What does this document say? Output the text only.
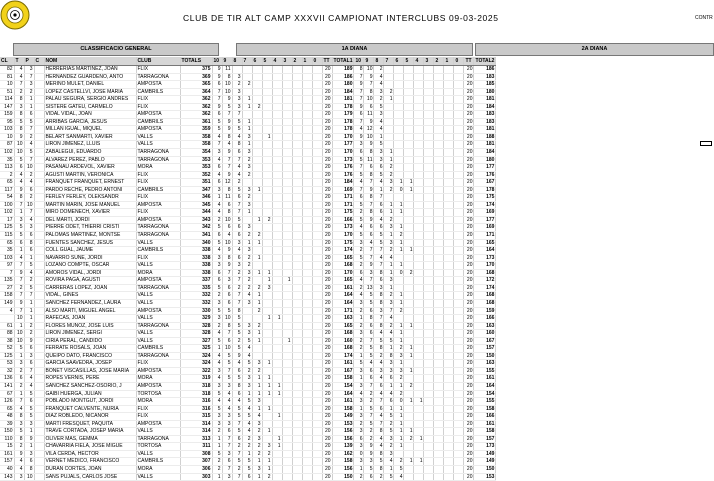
CLUB DE TIR ALT CAMP XXXVII CAMPIONAT INTERCLUBS 09-03-2025	CONTR
CLASSIFICACIO GENERAL	1A DIANA	2A DIANA
CL	T	P	C	NOM	CLUB	TOTALS	10	9	8	7	6	5	4	3	2	1	0	TT	TOTAL1	10	9	8	7	6	5	4	3	2	1	0	TT	TOTAL2
82	4	3		HERRERIAS MARTINEZ, JOAN	FLIX	375	9	11										20	189	8	10	2									20	186
81	4	7		HERNANDEZ GUARDEÑO, ANTO	TARRAGONA	369	9	8	3									20	186	7	9	4									20	183
10	7	3		MERINO MULET, DANIEL	AMPOSTA	365	6	10	2	2								20	180	9	7	4									20	185
51	2	2		LOPEZ CASTELLVI, JOSE MARIA	CAMBRILS	364	7	10	3									20	184	7	8	3	2								20	180
114	8	1		PALAU SEGURA, SERGIO ANDRES	FLIX	362	7	9	3	1								20	181	7	10	2	1								20	181
147	3	1		SISTERE GATEU, CARMELO	FLIX	362	9	5	3	1	2							20	178	9	6	5									20	184
159	8	6		VIDAL VIDAL, JOAN	AMPOSTA	362	6	7	7									20	179	6	11	3									20	183
95	5	5		ARRIBAS GARCIA, JESUS	CAMBRILS	361	5	9	5	1								20	178	7	9	4									20	183
103	8	7		MILLAN IGUAL, MIQUEL	AMPOSTA	359	5	9	5	1								20	178	4	12	4									20	181
10	9	2		BELART SANMARTI, XAVIER	VALLS	358	4	8	4	3		1						20	170	9	10	1									20	188
87	10	4		LIRON JIMENEZ, LLUIS	VALLS	358	7	4	8	1								20	177	3	9	5									20	181
102	10	5		ZABALEGUI, EDUARDO	TARRAGONA	354	3	9	6	3								20	170	6	8	3	1								20	184
35	5	7		ALVAREZ PEREZ, PABLO	TARRAGONA	353	4	7	7	2								20	173	5	11	3	1								20	180
113	6	10		PASANAU ARDEVOL, XAVIER	MORA	353	6	7	4	3								20	176	7	6	6	2								20	177
2	4	2		AGUSTI MARTIN, VERONICA	FLIX	352	4	9	4	2								20	176	5	8	5	2								20	176
65	4	4		FRANQUET FRANQUET, ERNEST	FLIX	351	6	12	2									20	184	4	7	4	3	1	1						20	167
117	9	6		PARDO RECHE, PEDRO ANTONI	CAMBRILS	347	3	8	5	3	1							20	169	7	9	1	2	0	1						20	178
54	8	2		FERLEY FERLEY, OLEKSANDR	FLIX	346	1	11	6	2								20	171	6	8	7									20	175
100	7	10		MARTIN MARIN, JOSE MANUEL	AMPOSTA	345	4	6	7	3								20	171	5	7	6	1	1							20	174
102	1	7		MIRO DOMENECH, XAVIER	FLIX	344	4	8	7	1								20	175	2	8	6	1	1							20	169
17	3	4		DEL MARTI, JORDI	AMPOSTA	343	2	10	5		1	2						20	166	5	9	4	2								20	177
125	5	3		PIERRE ODET, THIERRI CRISTI	TARRAGONA	342	5	6	6	3								20	173	4	6	6	3	1							20	169
115	5	6		PALOMAS MARTINEZ, MONTSE	TARRAGONA	341	6	4	6	2	2							20	170	5	6	5	1	2							20	171
65	6	8		FUENTES SANCHEZ, JESUS	VALLS	340	5	10	3	1	1							20	175	3	4	5	3	1							20	165
35	1	6		COLL GUAL, JAUME	CAMBRILS	338	4	9	4	3								20	174	2	7	7	2	1	1						20	164
103	4	1		NAVARRO SUÑE, JORDI	FLIX	338	3	8	6	2	1							20	165	5	7	4	4								20	173
97	7	5		LOZANO COMPTE, OSCAR	VALLS	338	3	9	3	2								20	168	2	9	7	1	1							20	170
7	9	4		AMOROS VIDAL, JORDI	MORA	338	6	7	2	3	1	1						20	170	6	3	8	1	0	2						20	168
135	7	2		ROVIRA PAGA, AGUSTI	AMPOSTA	337	6	3	7	2		1		1				20	165	4	7	6	3								20	172
27	2	5		CARRERAS LOPEZ, JOAN	TARRAGONA	335	5	6	2	2	2	3						20	161	2	13	3	1								20	174
158	7	7		VIDAL, GINÉS	VALLS	332	2	6	7	4	1							20	164	4	5	8	2	1							20	168
149	9	1		SANCHEZ FERNANDEZ, LAURA	VALLS	332	3	6	7	3	1							20	164	3	5	8	3	1							20	168
4	7	1		ALSO MARTI, MIGUEL ANGEL	AMPOSTA	330	5	5	8		2							20	171	2	6	3	7	2							20	159
	10	1		RAFECAS, JOAN	VALLS	329	3	10	5			1	1					20	163	1	8	7	4								20	166
61	1	2		FLORES MUÑOZ, JOSE LUIS	TARRAGONA	328	2	8	5	3	2							20	165	2	6	8	2	1	1						20	163
88	10	2		LIRON JIMENEZ, SERGI	VALLS	328	4	7	5	3	1							20	168	3	6	4	4	1							20	160
38	10	9		CIRIA PERAL, CANDIDO	VALLS	327	5	6	2	5	1			1				20	160	2	7	5	5	1							20	167
52	5	6		FERRATE ROSALS, JOAN	CAMBRILS	325	1	10	5	4								20	168	2	5	8	1	2	1						20	157
125	1	3		QUEIPO DATO, FRANCISCO	TARRAGONA	324	4	5	9	4								20	174	1	5	2	8	3	1						20	150
53	3	6		GARCIA SAAVEDRA, JOSEP	FLIX	324	4	5	4	5	3	1						20	161	5	4	4	3	1							20	163
32	2	7		BONET VISCASILLAS, JOSE MARIA	AMPOSTA	322	3	7	6	2	2							20	167	3	6	3	3	3	1						20	155
136	6	4		ROPES VERNIS, PERE	MORA	319	4	5	5	3	1	1						20	158	1	6	4	6	2							20	161
141	2	4		SANCHEZ SANCHEZ-OSORIO, J	AMPOSTA	318	3	3	8	3	1	1	1					20	154	3	7	6	1	1	2						20	164
67	1	5		GAIBI HUERGA, JULIAN	TORTOSA	318	5	4	6	1	1	1	1					20	164	4	2	4	4	2							20	154
126	7	6		POBLADO MONTGUT, JORDI	MORA	316	4	4	4	5	3							20	161	3	2	7	6	0	1	1					20	155
65	4	5		FRANQUET CALVENTE, NURIA	FLIX	316	5	4	5	4	1	1						20	158	1	5	6	1	1							20	158
48	8	5		DIAZ ROBLEDO, NICANOR	FLIX	315	3	3	5	5	4		1					20	149	3	7	4	5	1							20	166
39	3	3		MARTI FRESQUET, PAQUITA	AMPOSTA	314	3	3	7	4	3							20	153	2	5	7	2	1							20	161
150	5	1		TRAVE CORTADA, JOSEP MARIA	VALLS	314	2	6	5	4	2	1						20	156	3	2	8	5	1	1						20	158
110	8	9		OLIVER MAS, GEMMA	TARRAGONA	313	1	7	6	2	3		1					20	156	6	2	4	3	1	2	1					20	157
15	2	1		CHAVARRIA FIELA, JOSE MIGUE	TORTOSA	311	1	7	2	2	2	3	1					20	139	3	9	4	2	1							20	173
161	9	3		VILA CERDA, HECTOR	VALLS	308	5	3	7	1	2	2						20	162	0	9	8	3								20	149
157	4	6		VERNET MEDICO, FRANCISCO	CAMBRILS	307	2	6	5	5	1	1						20	158	3	3	5	4	2	1	1					20	149
40	4	8		DURAN CORTES, JOAN	MORA	306	2	7	2	5	3	1						20	156	1	5	8	1	5							20	150
143	3	10		SANS PUJALS, CARLOS JOSE	VALLS	303	1	3	7	6	1	2						20	150	2	6	2	5	4							20	153
